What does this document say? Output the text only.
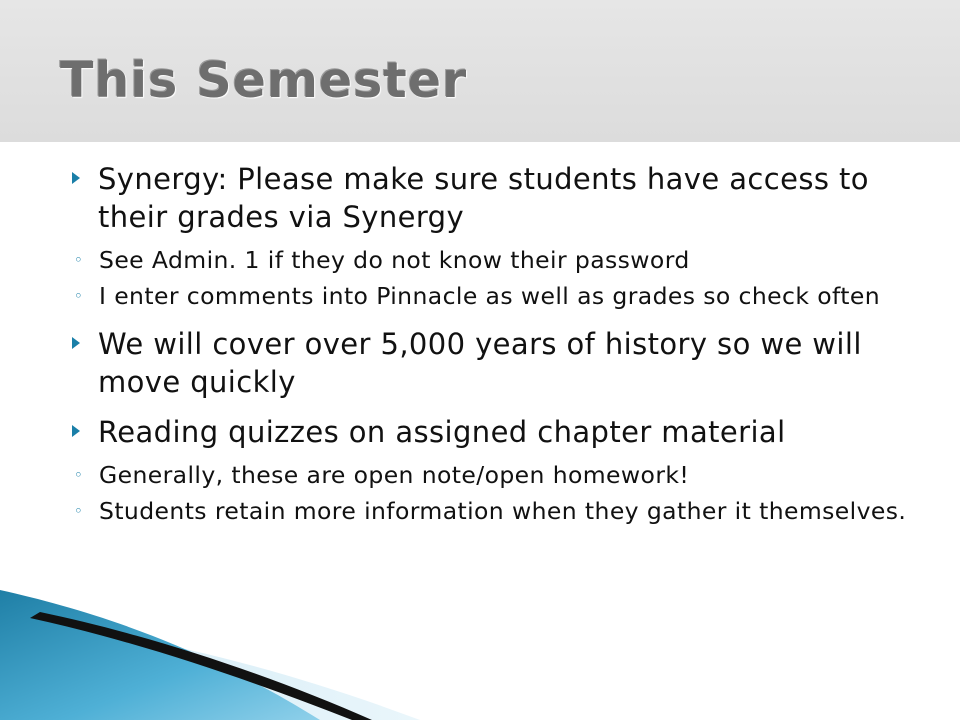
This Semester
Synergy: Please make sure students have access to their grades via Synergy
◦ See Admin. 1 if they do not know their password
◦ I enter comments into Pinnacle as well as grades so check often
We will cover over 5,000 years of history so we will move quickly
Reading quizzes on assigned chapter material
◦ Generally, these are open note/open homework!
◦ Students retain more information when they gather it themselves.
